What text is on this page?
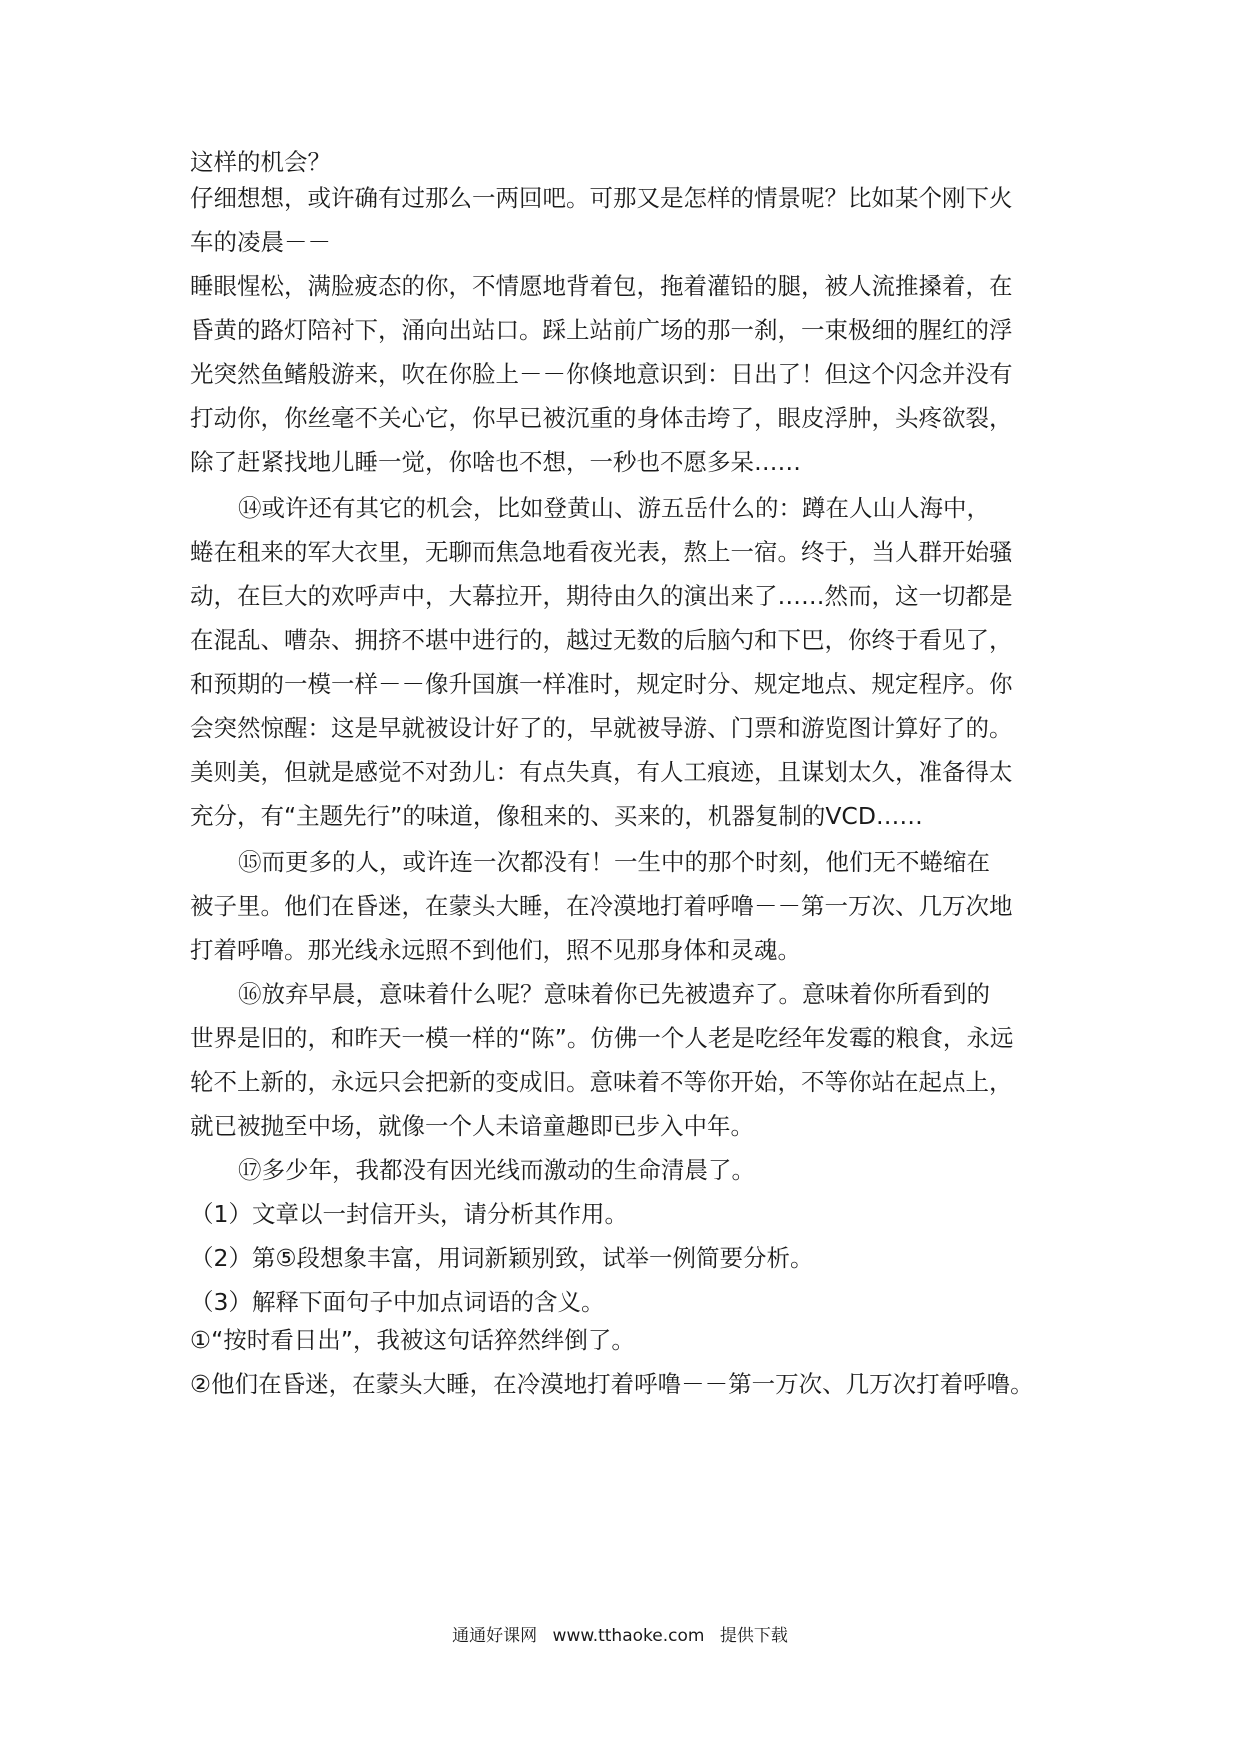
这样的机会？
仔细想想，或许确有过那么一两回吧。可那又是怎样的情景呢？比如某个刚下火
车的凌晨－－
睡眼惺松，满脸疲态的你，不情愿地背着包，拖着灌铅的腿，被人流推搡着，在
昏黄的路灯陪衬下，涌向出站口。踩上站前广场的那一刹，一束极细的腥红的浮
光突然鱼鳍般游来，吹在你脸上－－你倏地意识到：日出了！但这个闪念并没有
打动你，你丝毫不关心它，你早已被沉重的身体击垮了，眼皮浮肿，头疼欲裂，
除了赶紧找地儿睡一觉，你啥也不想，一秒也不愿多呆……
⑭或许还有其它的机会，比如登黄山、游五岳什么的：蹲在人山人海中，
蜷在租来的军大衣里，无聊而焦急地看夜光表，熬上一宿。终于，当人群开始骚
动，在巨大的欢呼声中，大幕拉开，期待由久的演出来了……然而，这一切都是
在混乱、嘈杂、拥挤不堪中进行的，越过无数的后脑勺和下巴，你终于看见了，
和预期的一模一样－－像升国旗一样准时，规定时分、规定地点、规定程序。你
会突然惊醒：这是早就被设计好了的，早就被导游、门票和游览图计算好了的。
美则美，但就是感觉不对劲儿：有点失真，有人工痕迹，且谋划太久，准备得太
充分，有“主题先行”的味道，像租来的、买来的，机器复制的VCD……
⑮而更多的人，或许连一次都没有！一生中的那个时刻，他们无不蜷缩在
被子里。他们在昏迷，在蒙头大睡，在冷漠地打着呼噜－－第一万次、几万次地
打着呼噜。那光线永远照不到他们，照不见那身体和灵魂。
⑯放弃早晨，意味着什么呢？意味着你已先被遗弃了。意味着你所看到的
世界是旧的，和昨天一模一样的“陈”。仿佛一个人老是吃经年发霉的粮食，永远
轮不上新的，永远只会把新的变成旧。意味着不等你开始，不等你站在起点上，
就已被抛至中场，就像一个人未谙童趣即已步入中年。
⑰多少年，我都没有因光线而激动的生命清晨了。
（1）文章以一封信开头，请分析其作用。
（2）第⑤段想象丰富，用词新颖别致，试举一例简要分析。
（3）解释下面句子中加点词语的含义。
①“按时看日出”，我被这句话猝然绊
倒
了。
②他们在昏迷，在蒙头大睡，在冷漠地打着呼
噜
－－第一万次、几万次打着呼噜。
通通好课网 www.tthaoke.com 提供下载
